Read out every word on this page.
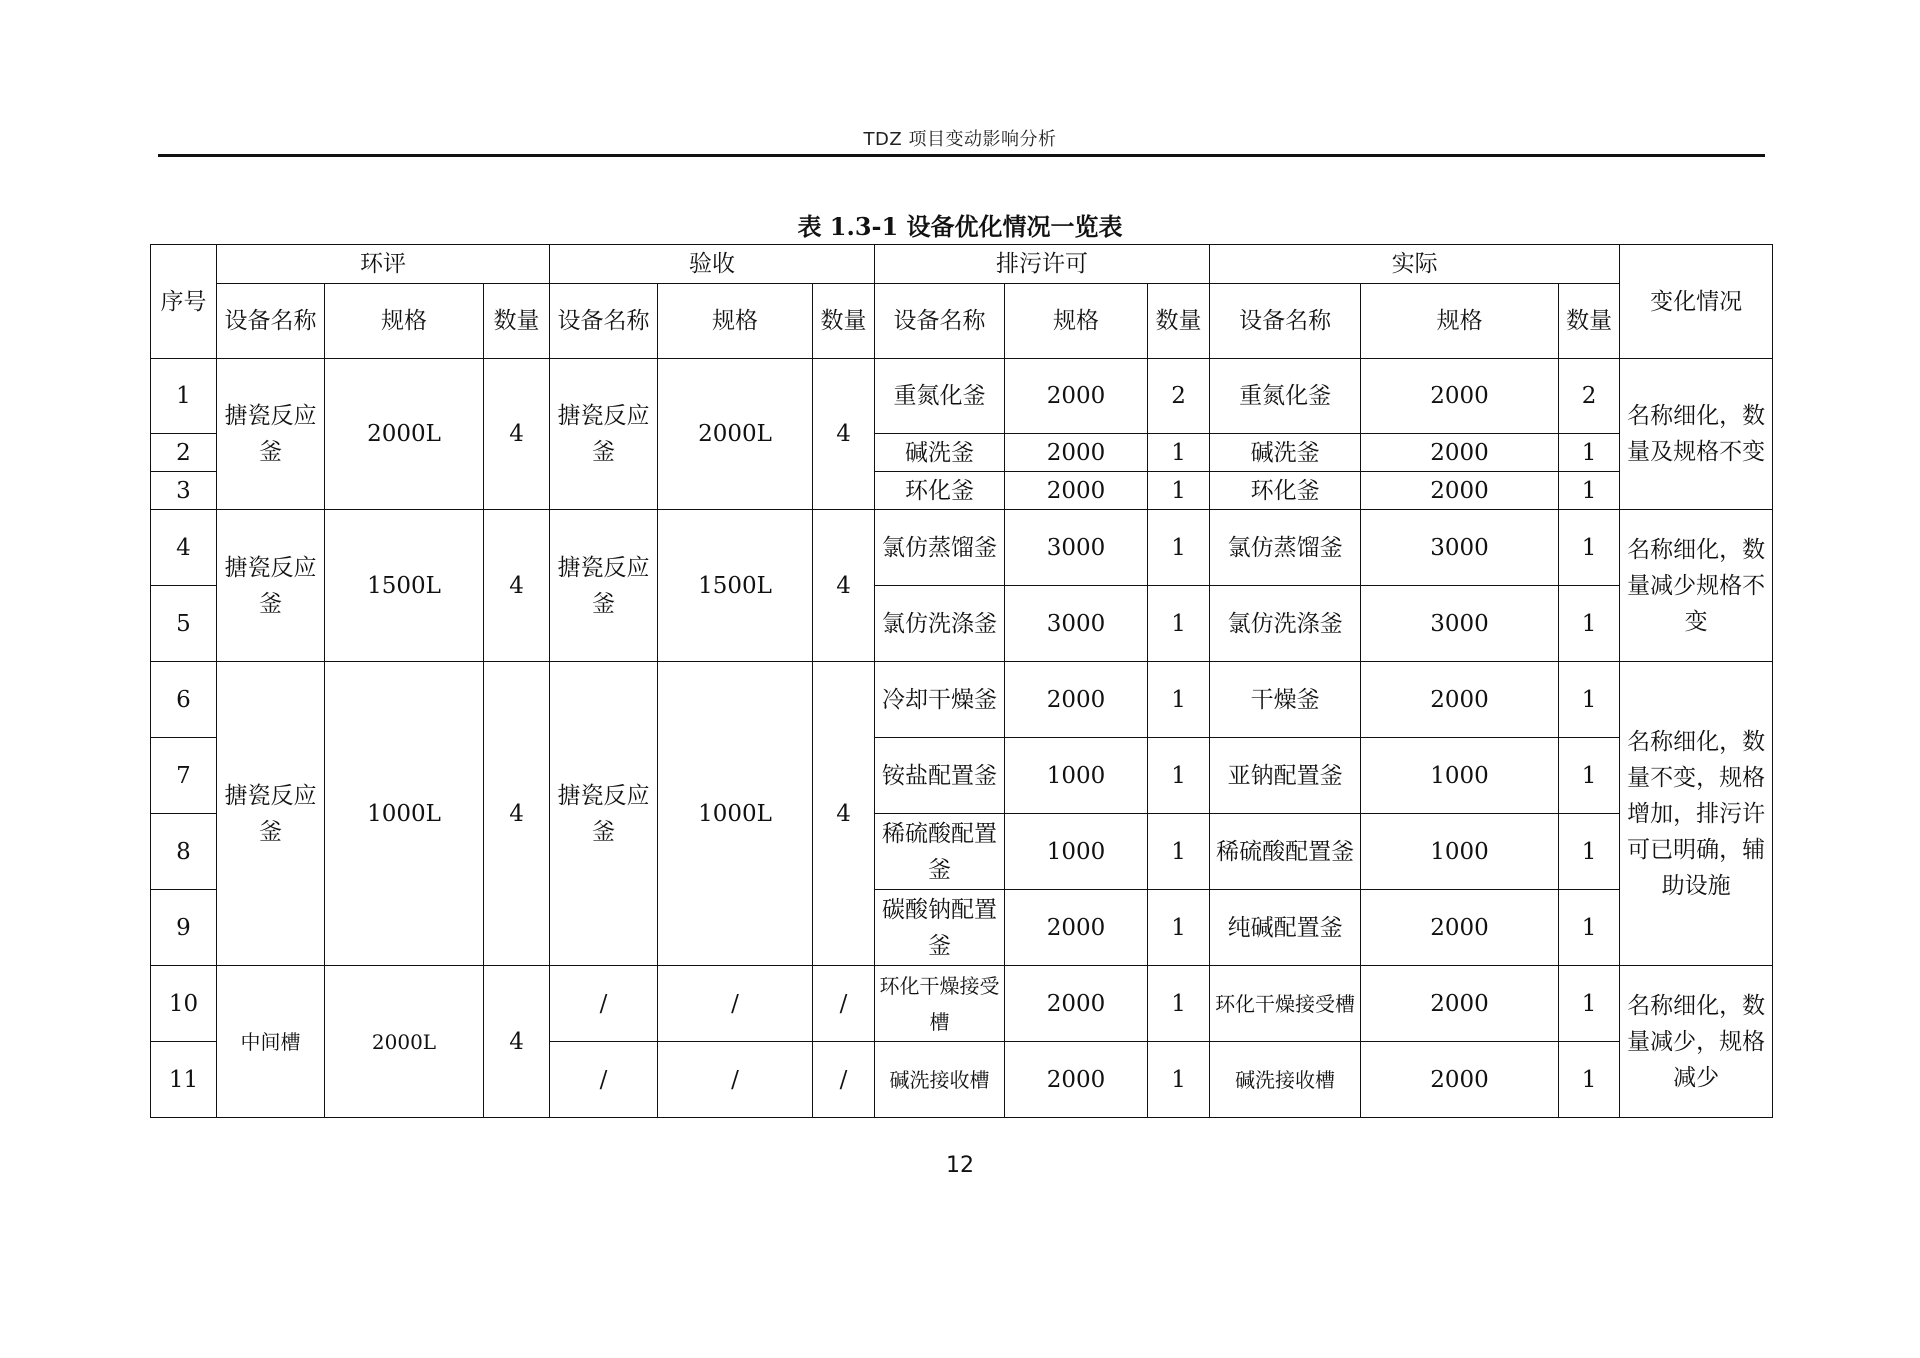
TDZ 项目变动影响分析
表 1.3-1 设备优化情况一览表
序号	环评			验收			排污许可			实际			变化情况
	设备名称	规格	数量	设备名称	规格	数量	设备名称	规格	数量	设备名称	规格	数量	
1	搪瓷反应釜	2000L	4	搪瓷反应釜	2000L	4	重氮化釜	2000	2	重氮化釜	2000	2	名称细化，数量及规格不变
2							碱洗釜	2000	1	碱洗釜	2000	1	
3							环化釜	2000	1	环化釜	2000	1	
4	搪瓷反应釜	1500L	4	搪瓷反应釜	1500L	4	氯仿蒸馏釜	3000	1	氯仿蒸馏釜	3000	1	名称细化，数量减少规格不变
5							氯仿洗涤釜	3000	1	氯仿洗涤釜	3000	1	
6	搪瓷反应釜	1000L	4	搪瓷反应釜	1000L	4	冷却干燥釜	2000	1	干燥釜	2000	1	名称细化，数量不变，规格增加，排污许可已明确，辅助设施
7							铵盐配置釜	1000	1	亚钠配置釜	1000	1	
8							稀硫酸配置釜	1000	1	稀硫酸配置釜	1000	1	
9							碳酸钠配置釜	2000	1	纯碱配置釜	2000	1	
10	中间槽	2000L	4	/	/	/	环化干燥接受槽	2000	1	环化干燥接受槽	2000	1	名称细化，数量减少，规格减少
11				/	/	/	碱洗接收槽	2000	1	碱洗接收槽	2000	1	
12
